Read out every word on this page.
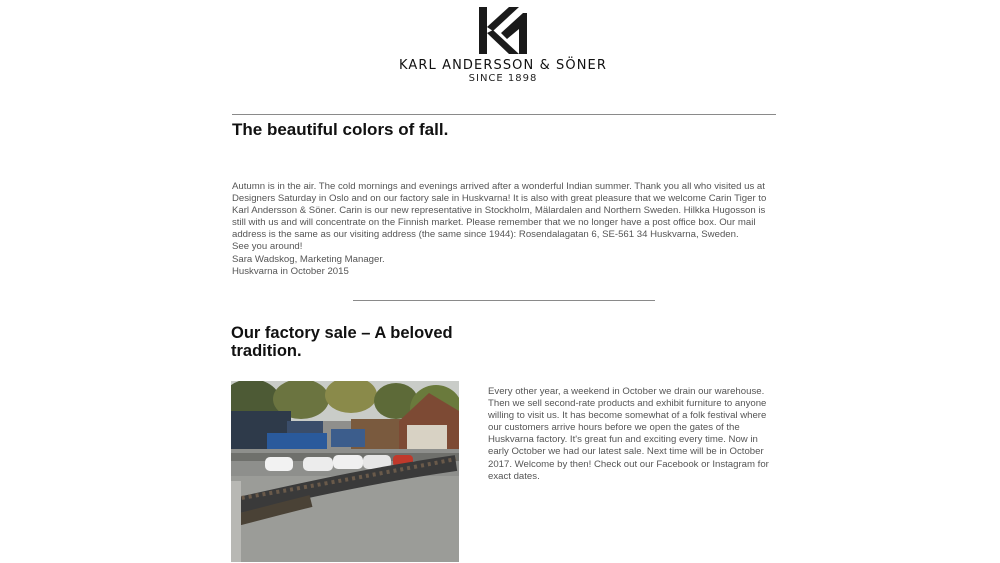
KARL ANDERSSON & SÖNER
SINCE 1898
The beautiful colors of fall.

Autumn is in the air. The cold mornings and evenings arrived after a wonderful Indian summer. Thank you all who visited us at Designers Saturday in Oslo and on our factory sale in Huskvarna! It is also with great pleasure that we welcome Carin Tiger to Karl Andersson & Söner. Carin is our new representative in Stockholm, Mälardalen and Northern Sweden. Hilkka Hugosson is still with us and will concentrate on the Finnish market. Please remember that we no longer have a post office box. Our mail address is the same as our visiting address (the same since 1944): Rosendalagatan 6, SE-561 34 Huskvarna, Sweden.

See you around!

Sara Wadskog, Marketing Manager.

Huskvarna in October 2015

Our factory sale – A beloved tradition.
Every other year, a weekend in October we drain our warehouse. Then we sell second-rate products and exhibit furniture to anyone willing to visit us. It has become somewhat of a folk festival where our customers arrive hours before we open the gates of the Huskvarna factory. It's great fun and exciting every time. Now in early October we had our latest sale. Next time will be in October 2017. Welcome by then! Check out our Facebook or Instagram for exact dates.
